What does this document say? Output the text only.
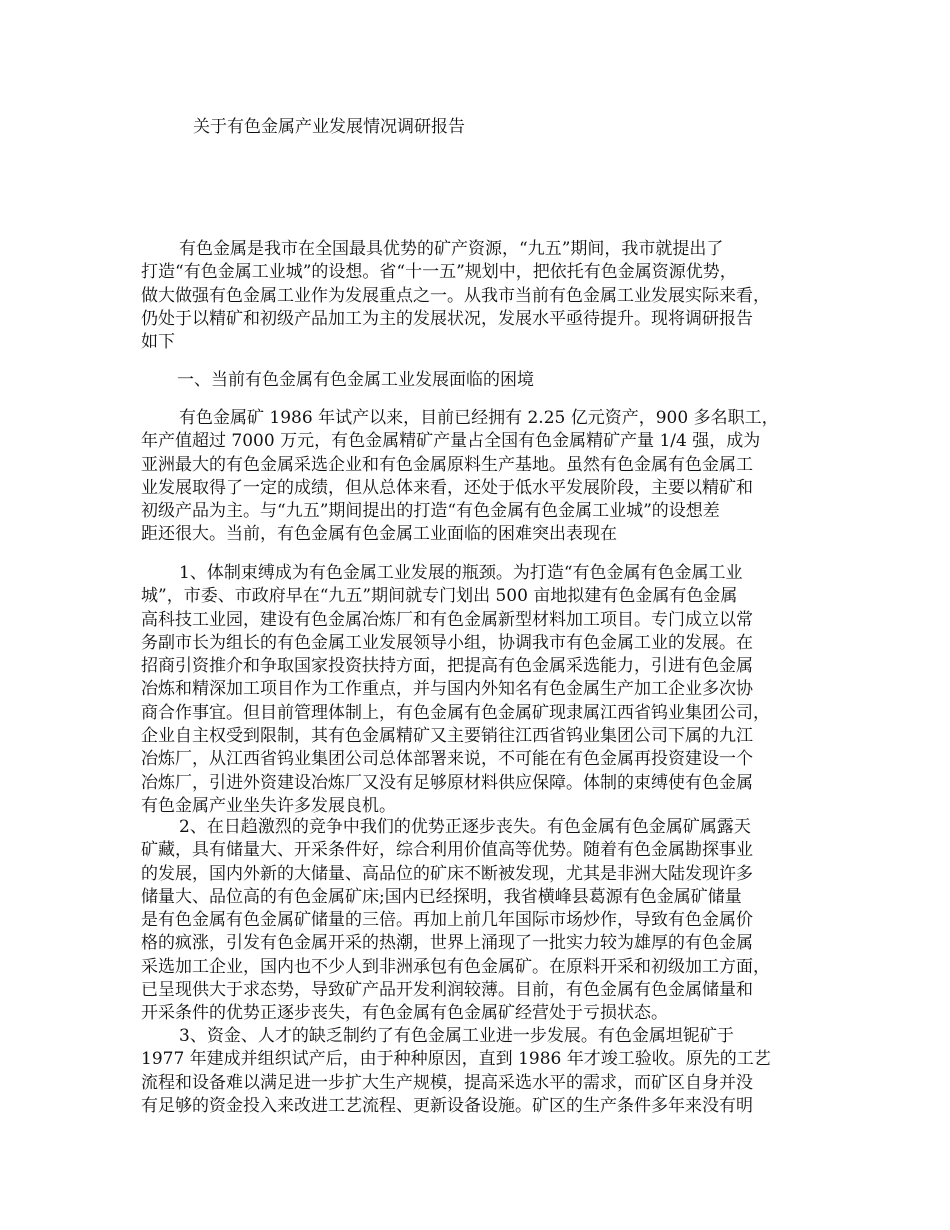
关于有色金属产业发展情况调研报告
有色金属是我市在全国最具优势的矿产资源，“九五”期间，我市就提出了
打造“有色金属工业城”的设想。省“十一五”规划中，把依托有色金属资源优势，
做大做强有色金属工业作为发展重点之一。从我市当前有色金属工业发展实际来看，
仍处于以精矿和初级产品加工为主的发展状况，发展水平亟待提升。现将调研报告
如下
一、当前有色金属有色金属工业发展面临的困境
有色金属矿 1986 年试产以来，目前已经拥有 2.25 亿元资产，900 多名职工，
年产值超过 7000 万元，有色金属精矿产量占全国有色金属精矿产量 1/4 强，成为
亚洲最大的有色金属采选企业和有色金属原料生产基地。虽然有色金属有色金属工
业发展取得了一定的成绩，但从总体来看，还处于低水平发展阶段，主要以精矿和
初级产品为主。与“九五”期间提出的打造“有色金属有色金属工业城”的设想差
距还很大。当前，有色金属有色金属工业面临的困难突出表现在
1、体制束缚成为有色金属工业发展的瓶颈。为打造“有色金属有色金属工业
城”，市委、市政府早在“九五”期间就专门划出 500 亩地拟建有色金属有色金属
高科技工业园，建设有色金属冶炼厂和有色金属新型材料加工项目。专门成立以常
务副市长为组长的有色金属工业发展领导小组，协调我市有色金属工业的发展。在
招商引资推介和争取国家投资扶持方面，把提高有色金属采选能力，引进有色金属
冶炼和精深加工项目作为工作重点，并与国内外知名有色金属生产加工企业多次协
商合作事宜。但目前管理体制上，有色金属有色金属矿现隶属江西省钨业集团公司，
企业自主权受到限制，其有色金属精矿又主要销往江西省钨业集团公司下属的九江
冶炼厂，从江西省钨业集团公司总体部署来说，不可能在有色金属再投资建设一个
冶炼厂，引进外资建设冶炼厂又没有足够原材料供应保障。体制的束缚使有色金属
有色金属产业坐失许多发展良机。
2、在日趋激烈的竞争中我们的优势正逐步丧失。有色金属有色金属矿属露天
矿藏，具有储量大、开采条件好，综合利用价值高等优势。随着有色金属勘探事业
的发展，国内外新的大储量、高品位的矿床不断被发现，尤其是非洲大陆发现许多
储量大、品位高的有色金属矿床;国内已经探明，我省横峰县葛源有色金属矿储量
是有色金属有色金属矿储量的三倍。再加上前几年国际市场炒作，导致有色金属价
格的疯涨，引发有色金属开采的热潮，世界上涌现了一批实力较为雄厚的有色金属
采选加工企业，国内也不少人到非洲承包有色金属矿。在原料开采和初级加工方面，
已呈现供大于求态势，导致矿产品开发利润较薄。目前，有色金属有色金属储量和
开采条件的优势正逐步丧失，有色金属有色金属矿经营处于亏损状态。
3、资金、人才的缺乏制约了有色金属工业进一步发展。有色金属坦铌矿于
1977 年建成并组织试产后，由于种种原因，直到 1986 年才竣工验收。原先的工艺
流程和设备难以满足进一步扩大生产规模，提高采选水平的需求，而矿区自身并没
有足够的资金投入来改进工艺流程、更新设备设施。矿区的生产条件多年来没有明
